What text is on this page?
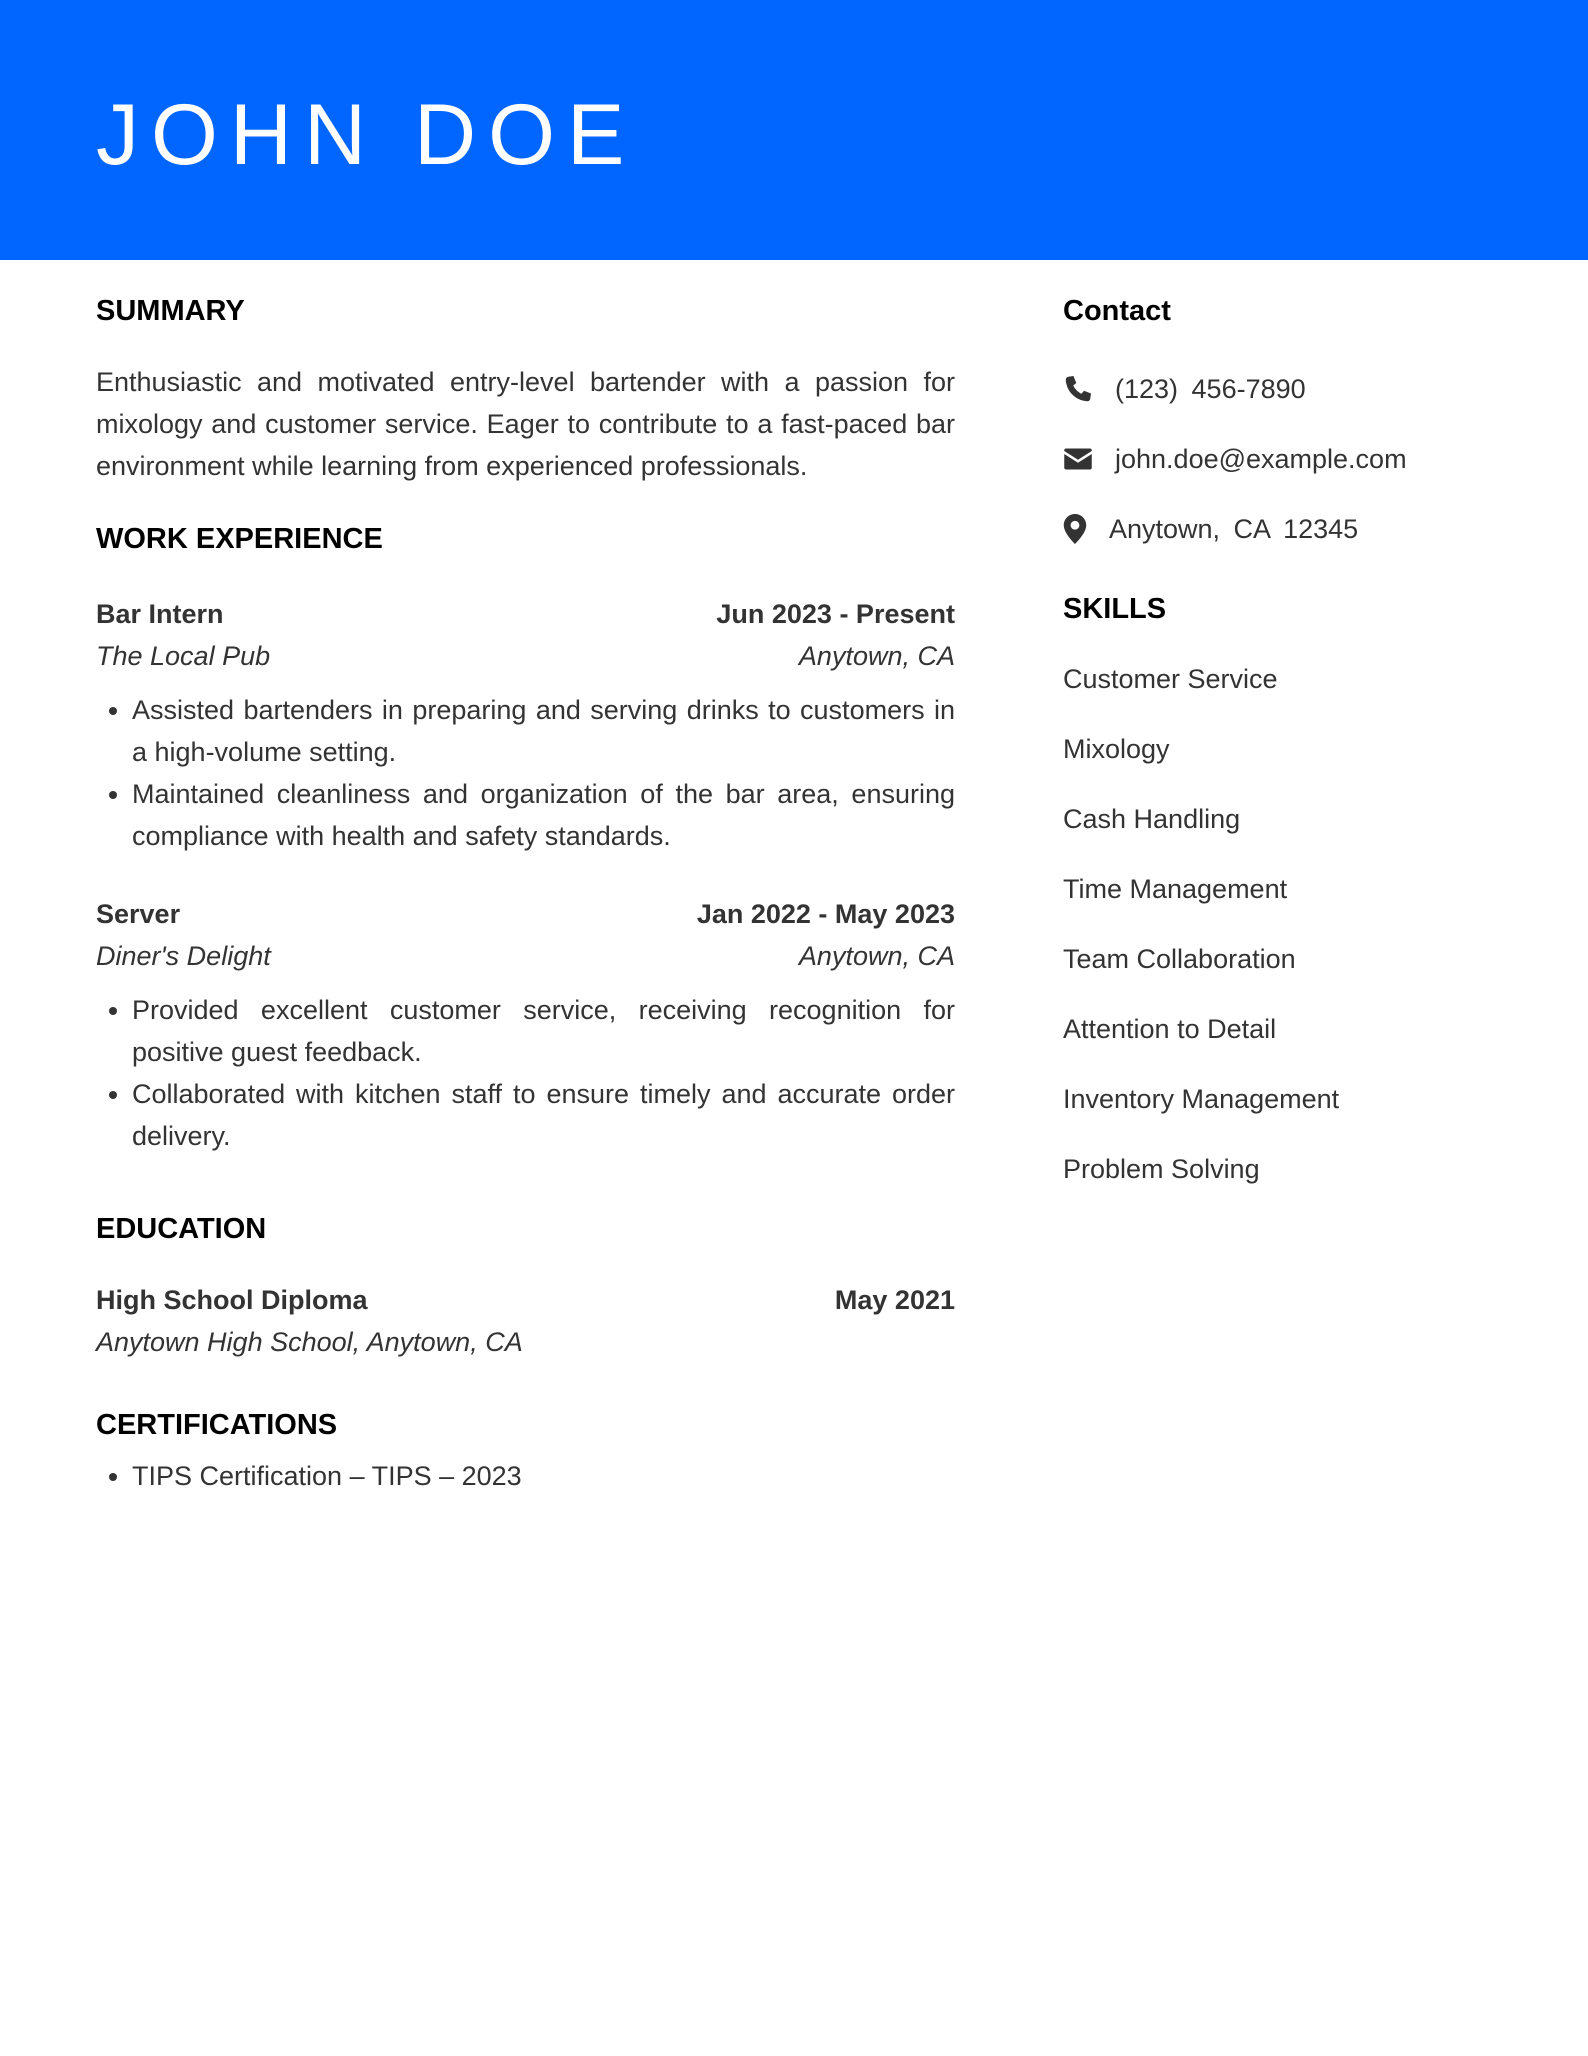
JOHN DOE
SUMMARY
Enthusiastic and motivated entry-level bartender with a passion for mixology and customer service. Eager to contribute to a fast-paced bar environment while learning from experienced professionals.
WORK EXPERIENCE
Bar Intern	Jun 2023 - Present
The Local Pub	Anytown, CA
• Assisted bartenders in preparing and serving drinks to customers in a high-volume setting.
• Maintained cleanliness and organization of the bar area, ensuring compliance with health and safety standards.
Server	Jan 2022 - May 2023
Diner's Delight	Anytown, CA
• Provided excellent customer service, receiving recognition for positive guest feedback.
• Collaborated with kitchen staff to ensure timely and accurate order delivery.
EDUCATION
High School Diploma	May 2021
Anytown High School, Anytown, CA
CERTIFICATIONS
• TIPS Certification – TIPS – 2023
Contact
(123) 456-7890
john.doe@example.com
Anytown, CA 12345
SKILLS
Customer Service
Mixology
Cash Handling
Time Management
Team Collaboration
Attention to Detail
Inventory Management
Problem Solving
